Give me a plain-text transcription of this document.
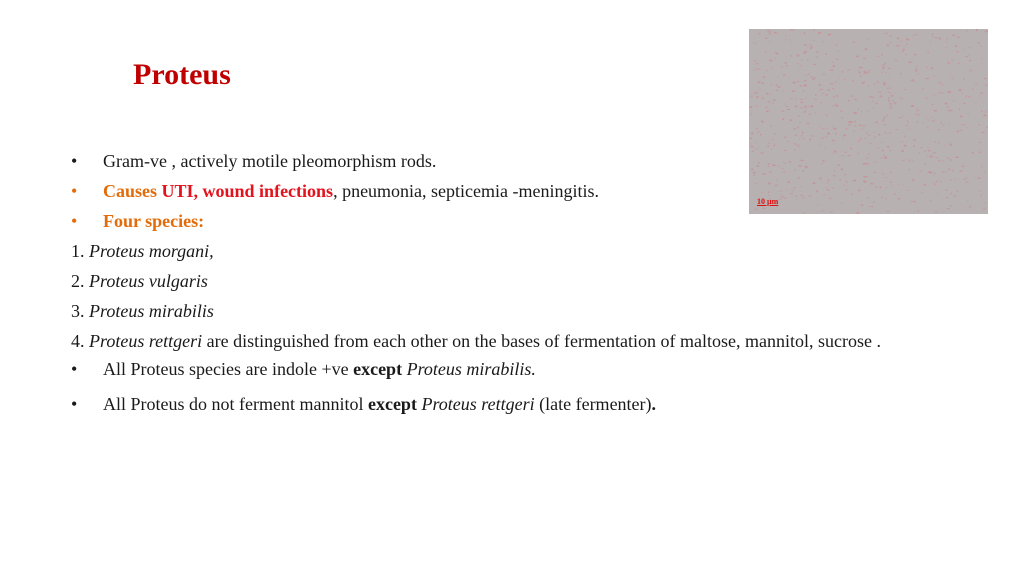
Proteus
10 µm
• Gram-ve , actively motile pleomorphism rods.
• Causes UTI, wound infections, pneumonia, septicemia -meningitis.
• Four species:
1. Proteus morgani,
2. Proteus vulgaris
3. Proteus mirabilis
4. Proteus rettgeri are distinguished from each other on the bases of fermentation of maltose, mannitol, sucrose .
• All Proteus species are indole +ve except Proteus mirabilis.
• All Proteus do not ferment mannitol except Proteus rettgeri (late fermenter).
